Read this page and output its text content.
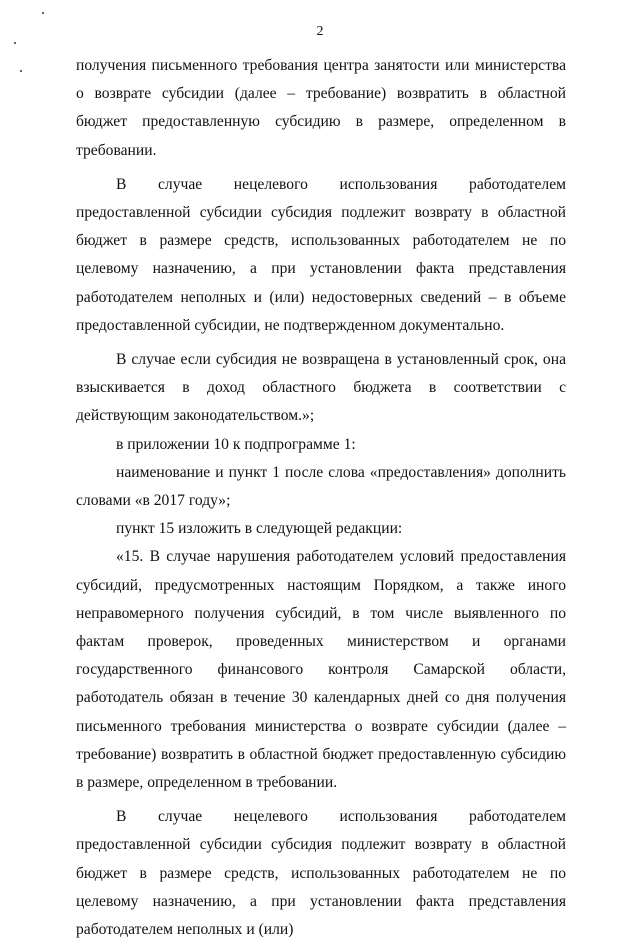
2

получения письменного требования центра занятости или министерства о возврате субсидии (далее – требование) возвратить в областной бюджет предоставленную субсидию в размере, определенном в требовании.

В случае нецелевого использования работодателем предоставленной субсидии субсидия подлежит возврату в областной бюджет в размере средств, использованных работодателем не по целевому назначению, а при установлении факта представления работодателем неполных и (или) недостоверных сведений – в объеме предоставленной субсидии, не подтвержденном документально.

В случае если субсидия не возвращена в установленный срок, она взыскивается в доход областного бюджета в соответствии с действующим законодательством.»;

в приложении 10 к подпрограмме 1:

наименование и пункт 1 после слова «предоставления» дополнить словами «в 2017 году»;

пункт 15 изложить в следующей редакции:

«15. В случае нарушения работодателем условий предоставления субсидий, предусмотренных настоящим Порядком, а также иного неправомерного получения субсидий, в том числе выявленного по фактам проверок, проведенных министерством и органами государственного финансового контроля Самарской области, работодатель обязан в течение 30 календарных дней со дня получения письменного требования министерства о возврате субсидии (далее – требование) возвратить в областной бюджет предоставленную субсидию в размере, определенном в требовании.

В случае нецелевого использования работодателем предоставленной субсидии субсидия подлежит возврату в областной бюджет в размере средств, использованных работодателем не по целевому назначению, а при установлении факта представления работодателем неполных и (или)
